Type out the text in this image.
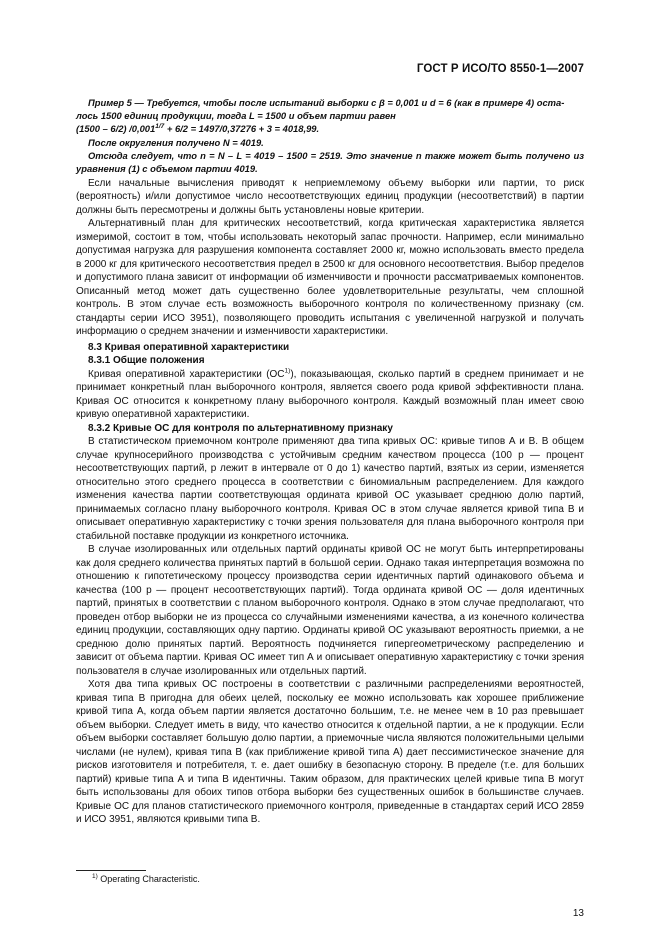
ГОСТ Р ИСО/ТО 8550-1—2007

Пример 5 — Требуется, чтобы после испытаний выборки с β = 0,001 и d = 6 (как в примере 4) оста-

лось 1500 единиц продукции, тогда L = 1500 и объем партии равен

(1500 – 6/2) $/0,001^{1/7} + 6/2 = 1497/0,37276 + 3 = 4018,99$.

После округления получено N = 4019.

Отсюда следует, что n = N – L = 4019 – 1500 = 2519. Это значение n также может быть получено из уравнения (1) с объемом партии 4019.

Если начальные вычисления приводят к неприемлемому объему выборки или партии, то риск (вероятность) и/или допустимое число несоответствующих единиц продукции (несоответствий) в партии должны быть пересмотрены и должны быть установлены новые критерии.

Альтернативный план для критических несоответствий, когда критическая характеристика является измеримой, состоит в том, чтобы использовать некоторый запас прочности. Например, если минимально допустимая нагрузка для разрушения компонента составляет 2000 кг, можно использовать вместо предела в 2000 кг для критического несоответствия предел в 2500 кг для основного несоответствия. Выбор пределов и допустимого плана зависит от информации об изменчивости и прочности рассматриваемых компонентов. Описанный метод может дать существенно более удовлетворительные результаты, чем сплошной контроль. В этом случае есть возможность выборочного контроля по количественному признаку (см. стандарты серии ИСО 3951), позволяющего проводить испытания с увеличенной нагрузкой и получать информацию о среднем значении и изменчивости характеристики.

8.3 Кривая оперативной характеристики

8.3.1 Общие положения

Кривая оперативной характеристики (ОС$^{1)}$), показывающая, сколько партий в среднем принимает и не принимает конкретный план выборочного контроля, является своего рода кривой эффективности плана. Кривая ОС относится к конкретному плану выборочного контроля. Каждый возможный план имеет свою кривую оперативной характеристики.

8.3.2 Кривые ОС для контроля по альтернативному признаку

В статистическом приемочном контроле применяют два типа кривых ОС: кривые типов А и В. В общем случае крупносерийного производства с устойчивым средним качеством процесса (100 p — процент несоответствующих партий, p лежит в интервале от 0 до 1) качество партий, взятых из серии, изменяется относительно этого среднего процесса в соответствии с биномиальным распределением. Для каждого изменения качества партии соответствующая ордината кривой ОС указывает среднюю долю партий, принимаемых согласно плану выборочного контроля. Кривая ОС в этом случае является кривой типа В и описывает оперативную характеристику с точки зрения пользователя для плана выборочного контроля при стабильной поставке продукции из конкретного источника.

В случае изолированных или отдельных партий ординаты кривой ОС не могут быть интерпретированы как доля среднего количества принятых партий в большой серии. Однако такая интерпретация возможна по отношению к гипотетическому процессу производства серии идентичных партий одинакового объема и качества (100 p — процент несоответствующих партий). Тогда ордината кривой ОС — доля идентичных партий, принятых в соответствии с планом выборочного контроля. Однако в этом случае предполагают, что проведен отбор выборки не из процесса со случайными изменениями качества, а из конечного количества единиц продукции, составляющих одну партию. Ординаты кривой ОС указывают вероятность приемки, а не среднюю долю принятых партий. Вероятность подчиняется гипергеометрическому распределению и зависит от объема партии. Кривая ОС имеет тип А и описывает оперативную характеристику с точки зрения пользователя в случае изолированных или отдельных партий.

Хотя два типа кривых ОС построены в соответствии с различными распределениями вероятностей, кривая типа В пригодна для обеих целей, поскольку ее можно использовать как хорошее приближение кривой типа А, когда объем партии является достаточно большим, т.е. не менее чем в 10 раз превышает объем выборки. Следует иметь в виду, что качество относится к отдельной партии, а не к продукции. Если объем выборки составляет большую долю партии, а приемочные числа являются положительными целыми числами (не нулем), кривая типа В (как приближение кривой типа А) дает пессимистическое значение для рисков изготовителя и потребителя, т. е. дает ошибку в безопасную сторону. В пределе (т.е. для больших партий) кривые типа А и типа В идентичны. Таким образом, для практических целей кривые типа В могут быть использованы для обоих типов отбора выборки без существенных ошибок в большинстве случаев. Кривые ОС для планов статистического приемочного контроля, приведенные в стандартах серий ИСО 2859 и ИСО 3951, являются кривыми типа В.

$^{1)}$ Operating Characteristic.
13
